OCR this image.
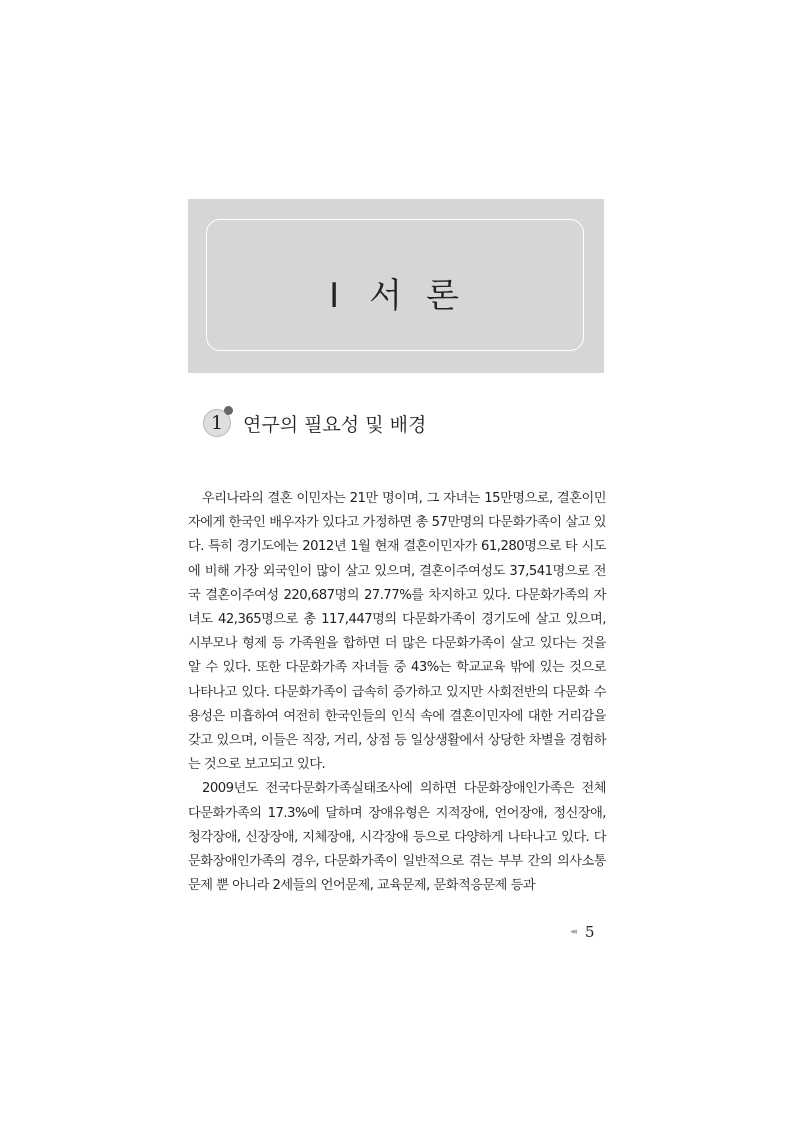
Ⅰ 서 론
1 연구의 필요성 및 배경

우리나라의 결혼 이민자는 21만 명이며, 그 자녀는 15만명으로, 결혼이민자에게 한국인 배우자가 있다고 가정하면 총 57만명의 다문화가족이 살고 있다. 특히 경기도에는 2012년 1월 현재 결혼이민자가 61,280명으로 타 시도에 비해 가장 외국인이 많이 살고 있으며, 결혼이주여성도 37,541명으로 전국 결혼이주여성 220,687명의 27.77%를 차지하고 있다. 다문화가족의 자녀도 42,365명으로 총 117,447명의 다문화가족이 경기도에 살고 있으며, 시부모나 형제 등 가족원을 합하면 더 많은 다문화가족이 살고 있다는 것을 알 수 있다. 또한 다문화가족 자녀들 중 43%는 학교교육 밖에 있는 것으로 나타나고 있다. 다문화가족이 급속히 증가하고 있지만 사회전반의 다문화 수용성은 미흡하여 여전히 한국인들의 인식 속에 결혼이민자에 대한 거리감을 갖고 있으며, 이들은 직장, 거리, 상점 등 일상생활에서 상당한 차별을 경험하는 것으로 보고되고 있다.

2009년도 전국다문화가족실태조사에 의하면 다문화장애인가족은 전체 다문화가족의 17.3%에 달하며 장애유형은 지적장애, 언어장애, 정신장애, 청각장애, 신장장애, 지체장애, 시각장애 등으로 다양하게 나타나고 있다. 다문화장애인가족의 경우, 다문화가족이 일반적으로 겪는 부부 간의 의사소통문제 뿐 아니라 2세들의 언어문제, 교육문제, 문화적응문제 등과

◂◂ 5
